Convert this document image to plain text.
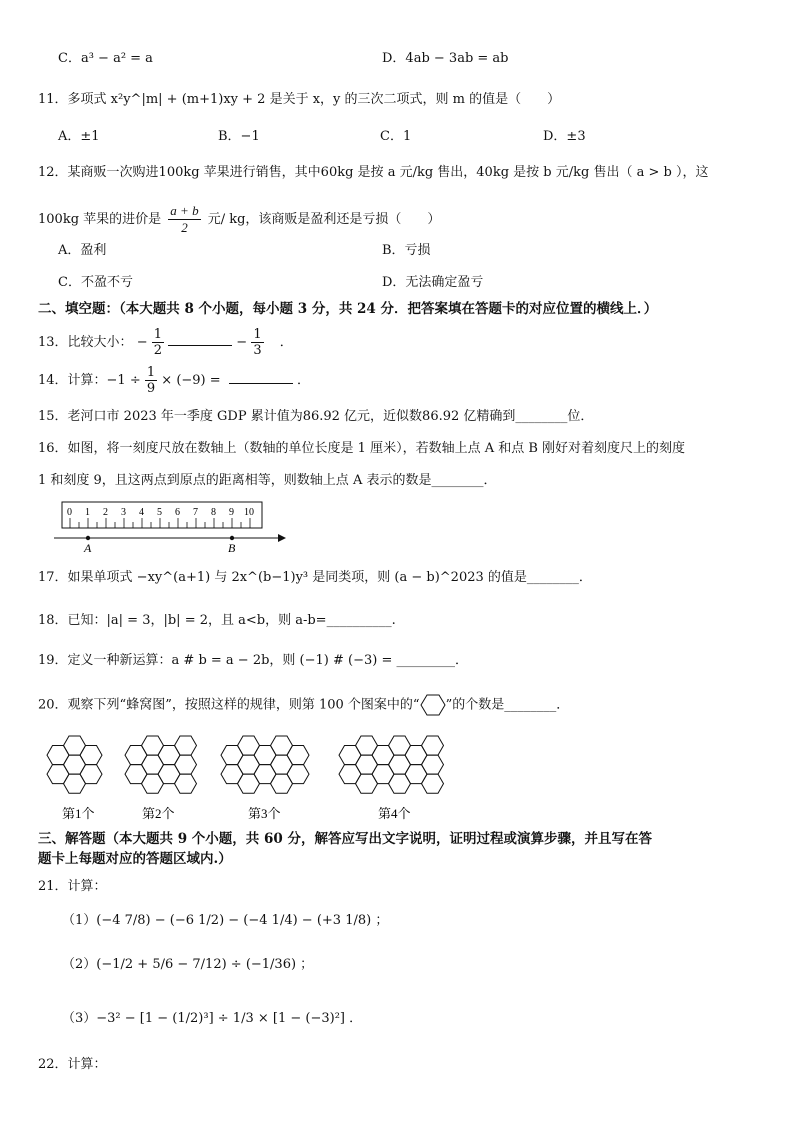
C．a³ − a² = a	D．4ab − 3ab = ab
11．多项式 x²y^|m| + (m+1)xy + 2 是关于 x，y 的三次二项式，则 m 的值是（　　）
A．±1	B．−1	C．1	D．±3
12．某商贩一次购进100kg 苹果进行销售，其中60kg 是按 a 元/kg 售出，40kg 是按 b 元/kg 售出（ a > b ），这
100kg 苹果的进价是 $\frac{a + b}{2}$ 元/ kg，该商贩是盈利还是亏损（　　）
A．盈利	B．亏损
C．不盈不亏	D．无法确定盈亏
二、填空题：（本大题共 8 个小题，每小题 3 分，共 24 分．把答案填在答题卡的对应位置的横线上．）
13．比较大小： − $\frac{1}{2}$	− $\frac{1}{3}$ ．
14．计算：$-1 \div \frac{1}{9} \times (-9)$ =	．
15．老河口市 2023 年一季度 GDP 累计值为86.92 亿元，近似数86.92 亿精确到________位．
16．如图，将一刻度尺放在数轴上（数轴的单位长度是 1 厘米），若数轴上点 A 和点 B 刚好对着刻度尺上的刻度
1 和刻度 9，且这两点到原点的距离相等，则数轴上点 A 表示的数是________．
0 1 2 3 4 5 6 7 8 9 10
A	B
17．如果单项式 −xy^(a+1) 与 2x^(b−1)y³ 是同类项，则 (a − b)^2023 的值是________．
18．已知：|a| = 3，|b| = 2，且 a<b，则 a-b=__________.
19．定义一种新运算：a # b = a − 2b，则 (−1) # (−3) = _________．
20．观察下列“蜂窝图”，按照这样的规律，则第 100 个图案中的“ ”的个数是________．
第1个	第2个	第3个	第4个
三、解答题（本大题共 9 个小题，共 60 分，解答应写出文字说明，证明过程或演算步骤，并且写在答
题卡上每题对应的答题区域内.）
21．计算：
（1）(−4 7/8) − (−6 1/2) − (−4 1/4) − (+3 1/8) ；
（2）(−1/2 + 5/6 − 7/12) ÷ (−1/36) ；
（3）−3² − [1 − (1/2)³] ÷ 1/3 × [1 − (−3)²] ．
22．计算：
